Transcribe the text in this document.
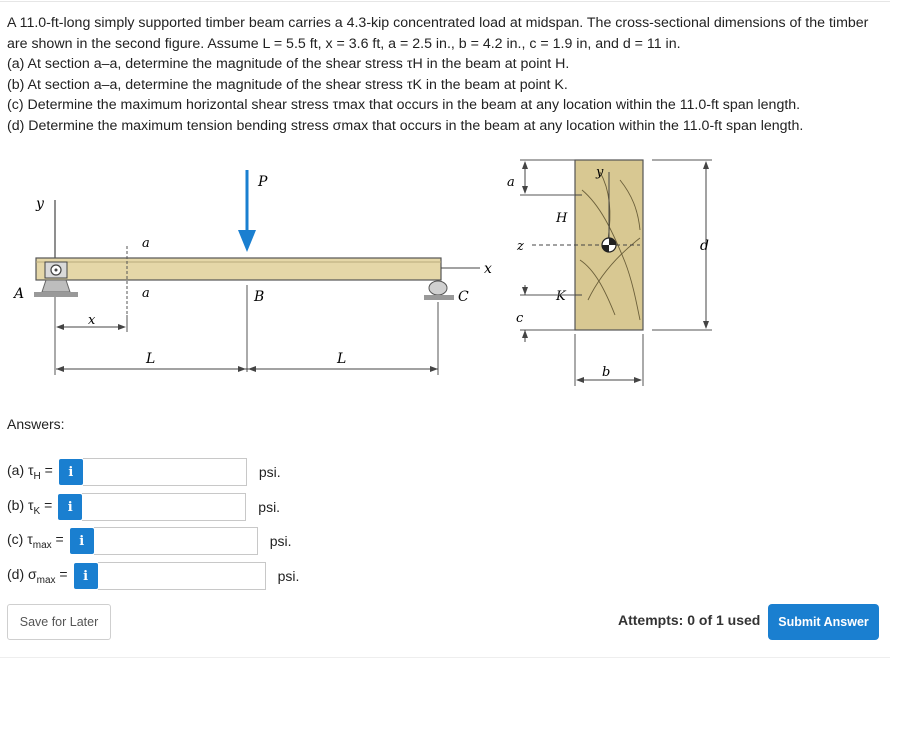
A 11.0-ft-long simply supported timber beam carries a 4.3-kip concentrated load at midspan. The cross-sectional dimensions of the timber are shown in the second figure. Assume L = 5.5 ft, x = 3.6 ft, a = 2.5 in., b = 4.2 in., c = 1.9 in, and d = 11 in.

(a) At section a–a, determine the magnitude of the shear stress τH in the beam at point H.

(b) At section a–a, determine the magnitude of the shear stress τK in the beam at point K.

(c) Determine the maximum horizontal shear stress τmax that occurs in the beam at any location within the 11.0-ft span length.

(d) Determine the maximum tension bending stress σmax that occurs in the beam at any location within the 11.0-ft span length.

y
x
A	C
a
a
P
B
x
L	L
y
z
H
K
a
c
d
b
Answers:
(a) $\tau_H$ =	i	psi.
(b) $\tau_K$ =	i	psi.
(c) $\tau_{max}$ =	i	psi.
(d) $\sigma_{max}$ =	i	psi.
Save for Later	Attempts: 0 of 1 used	Submit Answer
